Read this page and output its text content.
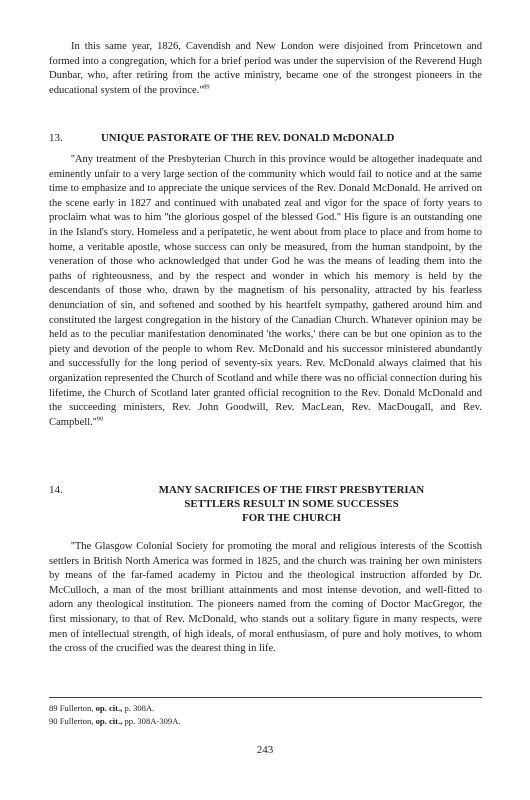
In this same year, 1826, Cavendish and New London were disjoined from Princetown and formed into a congregation, which for a brief period was under the supervision of the Reverend Hugh Dunbar, who, after retiring from the active ministry, became one of the strongest pioneers in the educational system of the $province.''^{89}$

13.	UNIQUE PASTORATE OF THE REV. DONALD McDONALD

''Any treatment of the Presbyterian Church in this province would be altogether inadequate and eminently unfair to a very large section of the community which would fail to notice and at the same time to emphasize and to appreciate the unique services of the Rev. Donald McDonald. He arrived on the scene early in 1827 and continued with unabated zeal and vigor for the space of forty years to proclaim what was to him ''the glorious gospel of the blessed God.'' His figure is an outstanding one in the Island's story. Homeless and a peripatetic, he went about from place to place and from home to home, a veritable apostle, whose success can only be measured, from the human standpoint, by the veneration of those who acknowledged that under God he was the means of leading them into the paths of righteousness, and by the respect and wonder in which his memory is held by the descendants of those who, drawn by the magnetism of his personality, attracted by his fearless denunciation of sin, and softened and soothed by his heartfelt sympathy, gathered around him and constituted the largest congregation in the history of the Canadian Church. Whatever opinion may be held as to the peculiar manifestation denominated 'the works,' there can be but one opinion as to the piety and devotion of the people to whom Rev. McDonald and his successor ministered abundantly and successfully for the long period of seventy-six years. Rev. McDonald always claimed that his organization represented the Church of Scotland and while there was no official connection during his lifetime, the Church of Scotland later granted official recognition to the Rev. Donald McDonald and the succeeding ministers, Rev. John Goodwill, Rev. MacLean, Rev. MacDougall, and Rev. $Campbell.''^{90}$

14.	MANY SACRIFICES OF THE FIRST PRESBYTERIAN
SETTLERS RESULT IN SOME SUCCESSES
FOR THE CHURCH

''The Glasgow Colonial Society for promoting the moral and religious interests of the Scottish settlers in British North America was formed in 1825, and the church was training her own ministers by means of the far-famed academy in Pictou and the theological instruction afforded by Dr. McCulloch, a man of the most brilliant attainments and most intense devotion, and well-fitted to adorn any theological institution. The pioneers named from the coming of Doctor MacGregor, the first missionary, to that of Rev. McDonald, who stands out a solitary figure in many respects, were men of intellectual strength, of high ideals, of moral enthusiasm, of pure and holy motives, to whom the cross of the crucified was the dearest thing in life.

89 Fullerton, op. cit., p. 308A.

90 Fullerton, op. cit., pp. 308A-309A.

243
